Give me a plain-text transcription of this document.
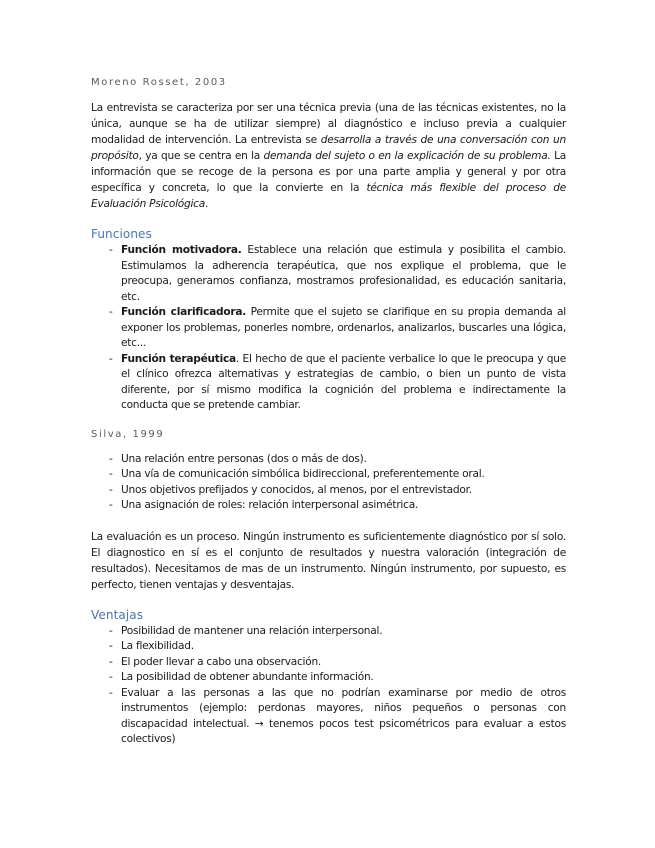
Moreno Rosset, 2003

La entrevista se caracteriza por ser una técnica previa (una de las técnicas existentes, no la única, aunque se ha de utilizar siempre) al diagnóstico e incluso previa a cualquier modalidad de intervención. La entrevista se desarrolla a través de una conversación con un propósito, ya que se centra en la demanda del sujeto o en la explicación de su problema. La información que se recoge de la persona es por una parte amplia y general y por otra específica y concreta, lo que la convierte en la técnica más flexible del proceso de Evaluación Psicológica.

Funciones
- Función motivadora. Establece una relación que estimula y posibilita el cambio. Estimulamos la adherencia terapéutica, que nos explique el problema, que le preocupa, generamos confianza, mostramos profesionalidad, es educación sanitaria, etc.
- Función clarificadora. Permite que el sujeto se clarifique en su propia demanda al exponer los problemas, ponerles nombre, ordenarlos, analizarlos, buscarles una lógica, etc...
- Función terapéutica. El hecho de que el paciente verbalice lo que le preocupa y que el clínico ofrezca alternativas y estrategias de cambio, o bien un punto de vista diferente, por sí mismo modifica la cognición del problema e indirectamente la conducta que se pretende cambiar.
Silva, 1999
- Una relación entre personas (dos o más de dos).
- Una vía de comunicación simbólica bidireccional, preferentemente oral.
- Unos objetivos prefijados y conocidos, al menos, por el entrevistador.
- Una asignación de roles: relación interpersonal asimétrica.

La evaluación es un proceso. Ningún instrumento es suficientemente diagnóstico por sí solo. El diagnostico en sí es el conjunto de resultados y nuestra valoración (integración de resultados). Necesitamos de mas de un instrumento. Ningún instrumento, por supuesto, es perfecto, tienen ventajas y desventajas.

Ventajas
- Posibilidad de mantener una relación interpersonal.
- La flexibilidad.
- El poder llevar a cabo una observación.
- La posibilidad de obtener abundante información.
- Evaluar a las personas a las que no podrían examinarse por medio de otros instrumentos (ejemplo: perdonas mayores, niños pequeños o personas con discapacidad intelectual. → tenemos pocos test psicométricos para evaluar a estos colectivos)
